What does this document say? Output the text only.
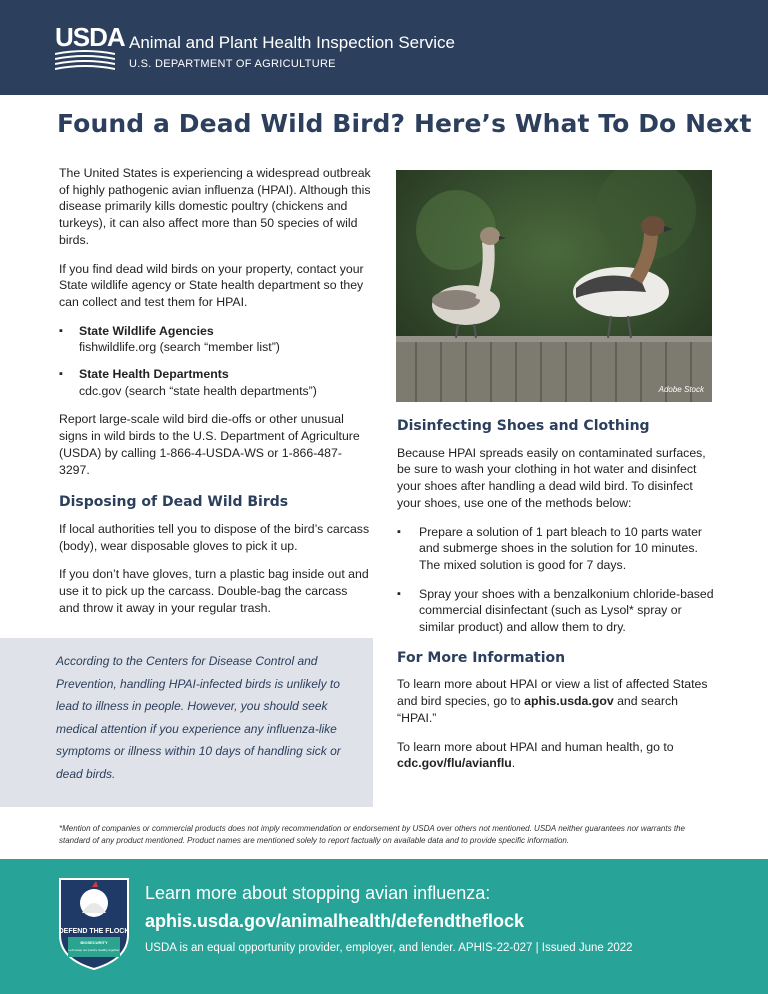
USDA Animal and Plant Health Inspection Service
U.S. DEPARTMENT OF AGRICULTURE
Found a Dead Wild Bird? Here’s What To Do Next

The United States is experiencing a widespread outbreak of highly pathogenic avian influenza (HPAI). Although this disease primarily kills domestic poultry (chickens and turkeys), it can also affect more than 50 species of wild birds.

If you find dead wild birds on your property, contact your State wildlife agency or State health department so they can collect and test them for HPAI.

▪ State Wildlife Agencies
fishwildlife.org (search “member list”)
▪ State Health Departments
cdc.gov (search “state health departments”)

Report large-scale wild bird die-offs or other unusual signs in wild birds to the U.S. Department of Agriculture (USDA) by calling 1-866-4-USDA-WS or 1-866-487-3297.

Disposing of Dead Wild Birds

If local authorities tell you to dispose of the bird’s carcass (body), wear disposable gloves to pick it up.

If you don’t have gloves, turn a plastic bag inside out and use it to pick up the carcass. Double-bag the carcass and throw it away in your regular trash.

According to the Centers for Disease Control and Prevention, handling HPAI-infected birds is unlikely to lead to illness in people. However, you should seek medical attention if you experience any influenza-like symptoms or illness within 10 days of handling sick or dead birds.

Adobe Stock
Disinfecting Shoes and Clothing

Because HPAI spreads easily on contaminated surfaces, be sure to wash your clothing in hot water and disinfect your shoes after handling a dead wild bird. To disinfect your shoes, use one of the methods below:

▪ Prepare a solution of 1 part bleach to 10 parts water and submerge shoes in the solution for 10 minutes. The mixed solution is good for 7 days.
▪ Spray your shoes with a benzalkonium chloride-based commercial disinfectant (such as Lysol* spray or similar product) and allow them to dry.
For More Information

To learn more about HPAI or view a list of affected States and bird species, go to aphis.usda.gov and search “HPAI.”

To learn more about HPAI and human health, go to cdc.gov/flu/avianflu.

*Mention of companies or commercial products does not imply recommendation or endorsement by USDA over others not mentioned. USDA neither guarantees nor warrants the standard of any product mentioned. Product names are mentioned solely to report factually on available data and to provide specific information.
DEFEND THE FLOCK
BIOSECURITY
Let's keep our poultry healthy together
Learn more about stopping avian influenza:
aphis.usda.gov/animalhealth/defendtheflock
USDA is an equal opportunity provider, employer, and lender. APHIS-22-027 | Issued June 2022
